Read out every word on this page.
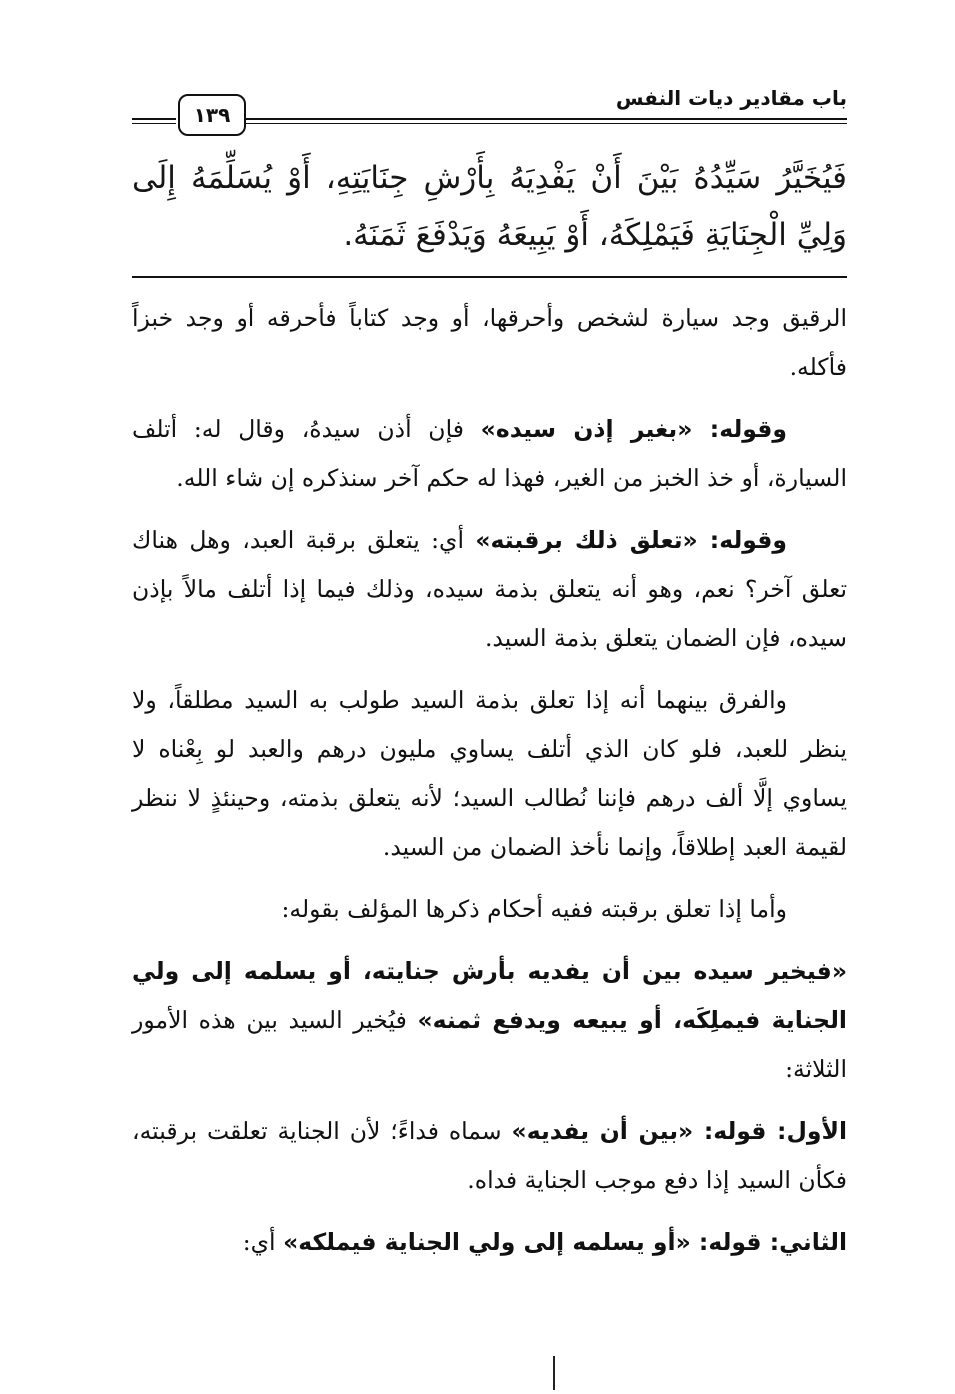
باب مقادير ديات النفس
١٣٩
فَيُخَيَّرُ سَيِّدُهُ بَيْنَ أَنْ يَفْدِيَهُ بِأَرْشِ جِنَايَتِهِ، أَوْ يُسَلِّمَهُ إِلَى وَلِيِّ الْجِنَايَةِ فَيَمْلِكَهُ، أَوْ يَبِيعَهُ وَيَدْفَعَ ثَمَنَهُ.

الرقيق وجد سيارة لشخص وأحرقها، أو وجد كتاباً فأحرقه أو وجد خبزاً فأكله.

وقوله: «بغير إذن سيده» فإن أذن سيدهُ، وقال له: أتلف السيارة، أو خذ الخبز من الغير، فهذا له حكم آخر سنذكره إن شاء الله.

وقوله: «تعلق ذلك برقبته» أي: يتعلق برقبة العبد، وهل هناك تعلق آخر؟ نعم، وهو أنه يتعلق بذمة سيده، وذلك فيما إذا أتلف مالاً بإذن سيده، فإن الضمان يتعلق بذمة السيد.

والفرق بينهما أنه إذا تعلق بذمة السيد طولب به السيد مطلقاً، ولا ينظر للعبد، فلو كان الذي أتلف يساوي مليون درهم والعبد لو بِعْناه لا يساوي إلَّا ألف درهم فإننا نُطالب السيد؛ لأنه يتعلق بذمته، وحينئذٍ لا ننظر لقيمة العبد إطلاقاً، وإنما نأخذ الضمان من السيد.

وأما إذا تعلق برقبته ففيه أحكام ذكرها المؤلف بقوله:

«فيخير سيده بين أن يفديه بأرش جنايته، أو يسلمه إلى ولي الجناية فيملِكَه، أو يبيعه ويدفع ثمنه» فيُخير السيد بين هذه الأمور الثلاثة:

الأول: قوله: «بين أن يفديه» سماه فداءً؛ لأن الجناية تعلقت برقبته، فكأن السيد إذا دفع موجب الجناية فداه.

الثاني: قوله: «أو يسلمه إلى ولي الجناية فيملكه» أي:
